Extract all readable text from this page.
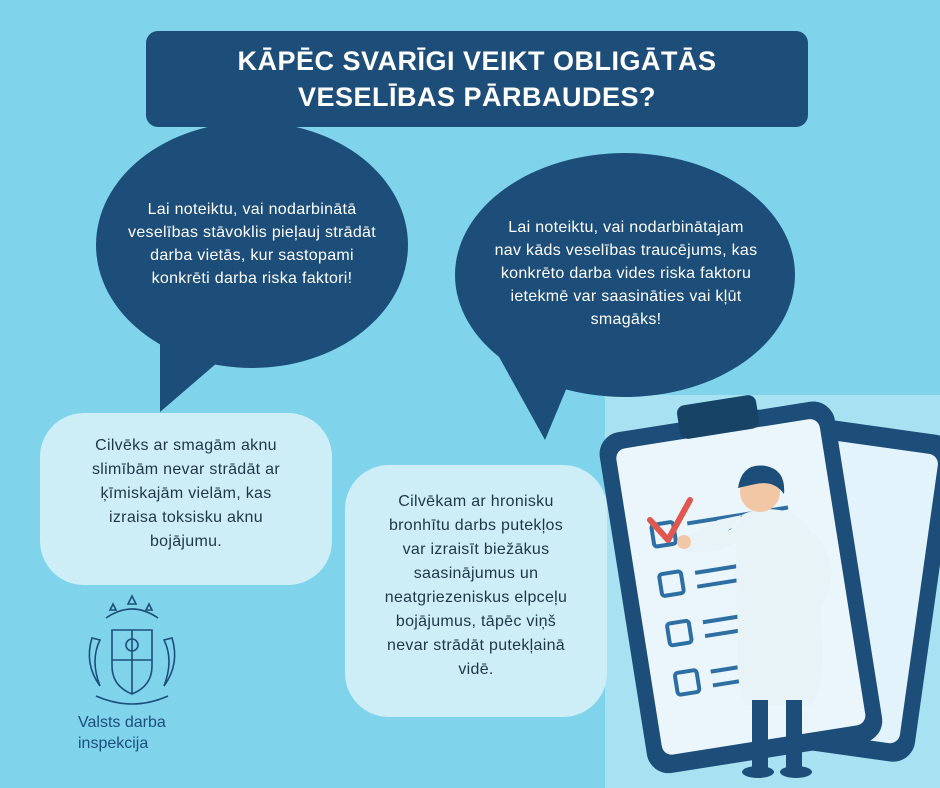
KĀPĒC SVARĪGI VEIKT OBLIGĀTĀS
VESELĪBAS PĀRBAUDES?
Lai noteiktu, vai nodarbinātā
veselības stāvoklis pieļauj strādāt
darba vietās, kur sastopami
konkrēti darba riska faktori!
Lai noteiktu, vai nodarbinātajam
nav kāds veselības traucējums, kas
konkrēto darba vides riska faktoru
ietekmē var saasināties vai kļūt
smagāks!
Cilvēks ar smagām aknu
slimībām nevar strādāt ar
ķīmiskajām vielām, kas
izraisa toksisku aknu
bojājumu.
Cilvēkam ar hronisku
bronhītu darbs putekļos
var izraisīt biežākus
saasinājumus un
neatgriezeniskus elpceļu
bojājumus, tāpēc viņš
nevar strādāt putekļainā
vidē.
Valsts darba
inspekcija
